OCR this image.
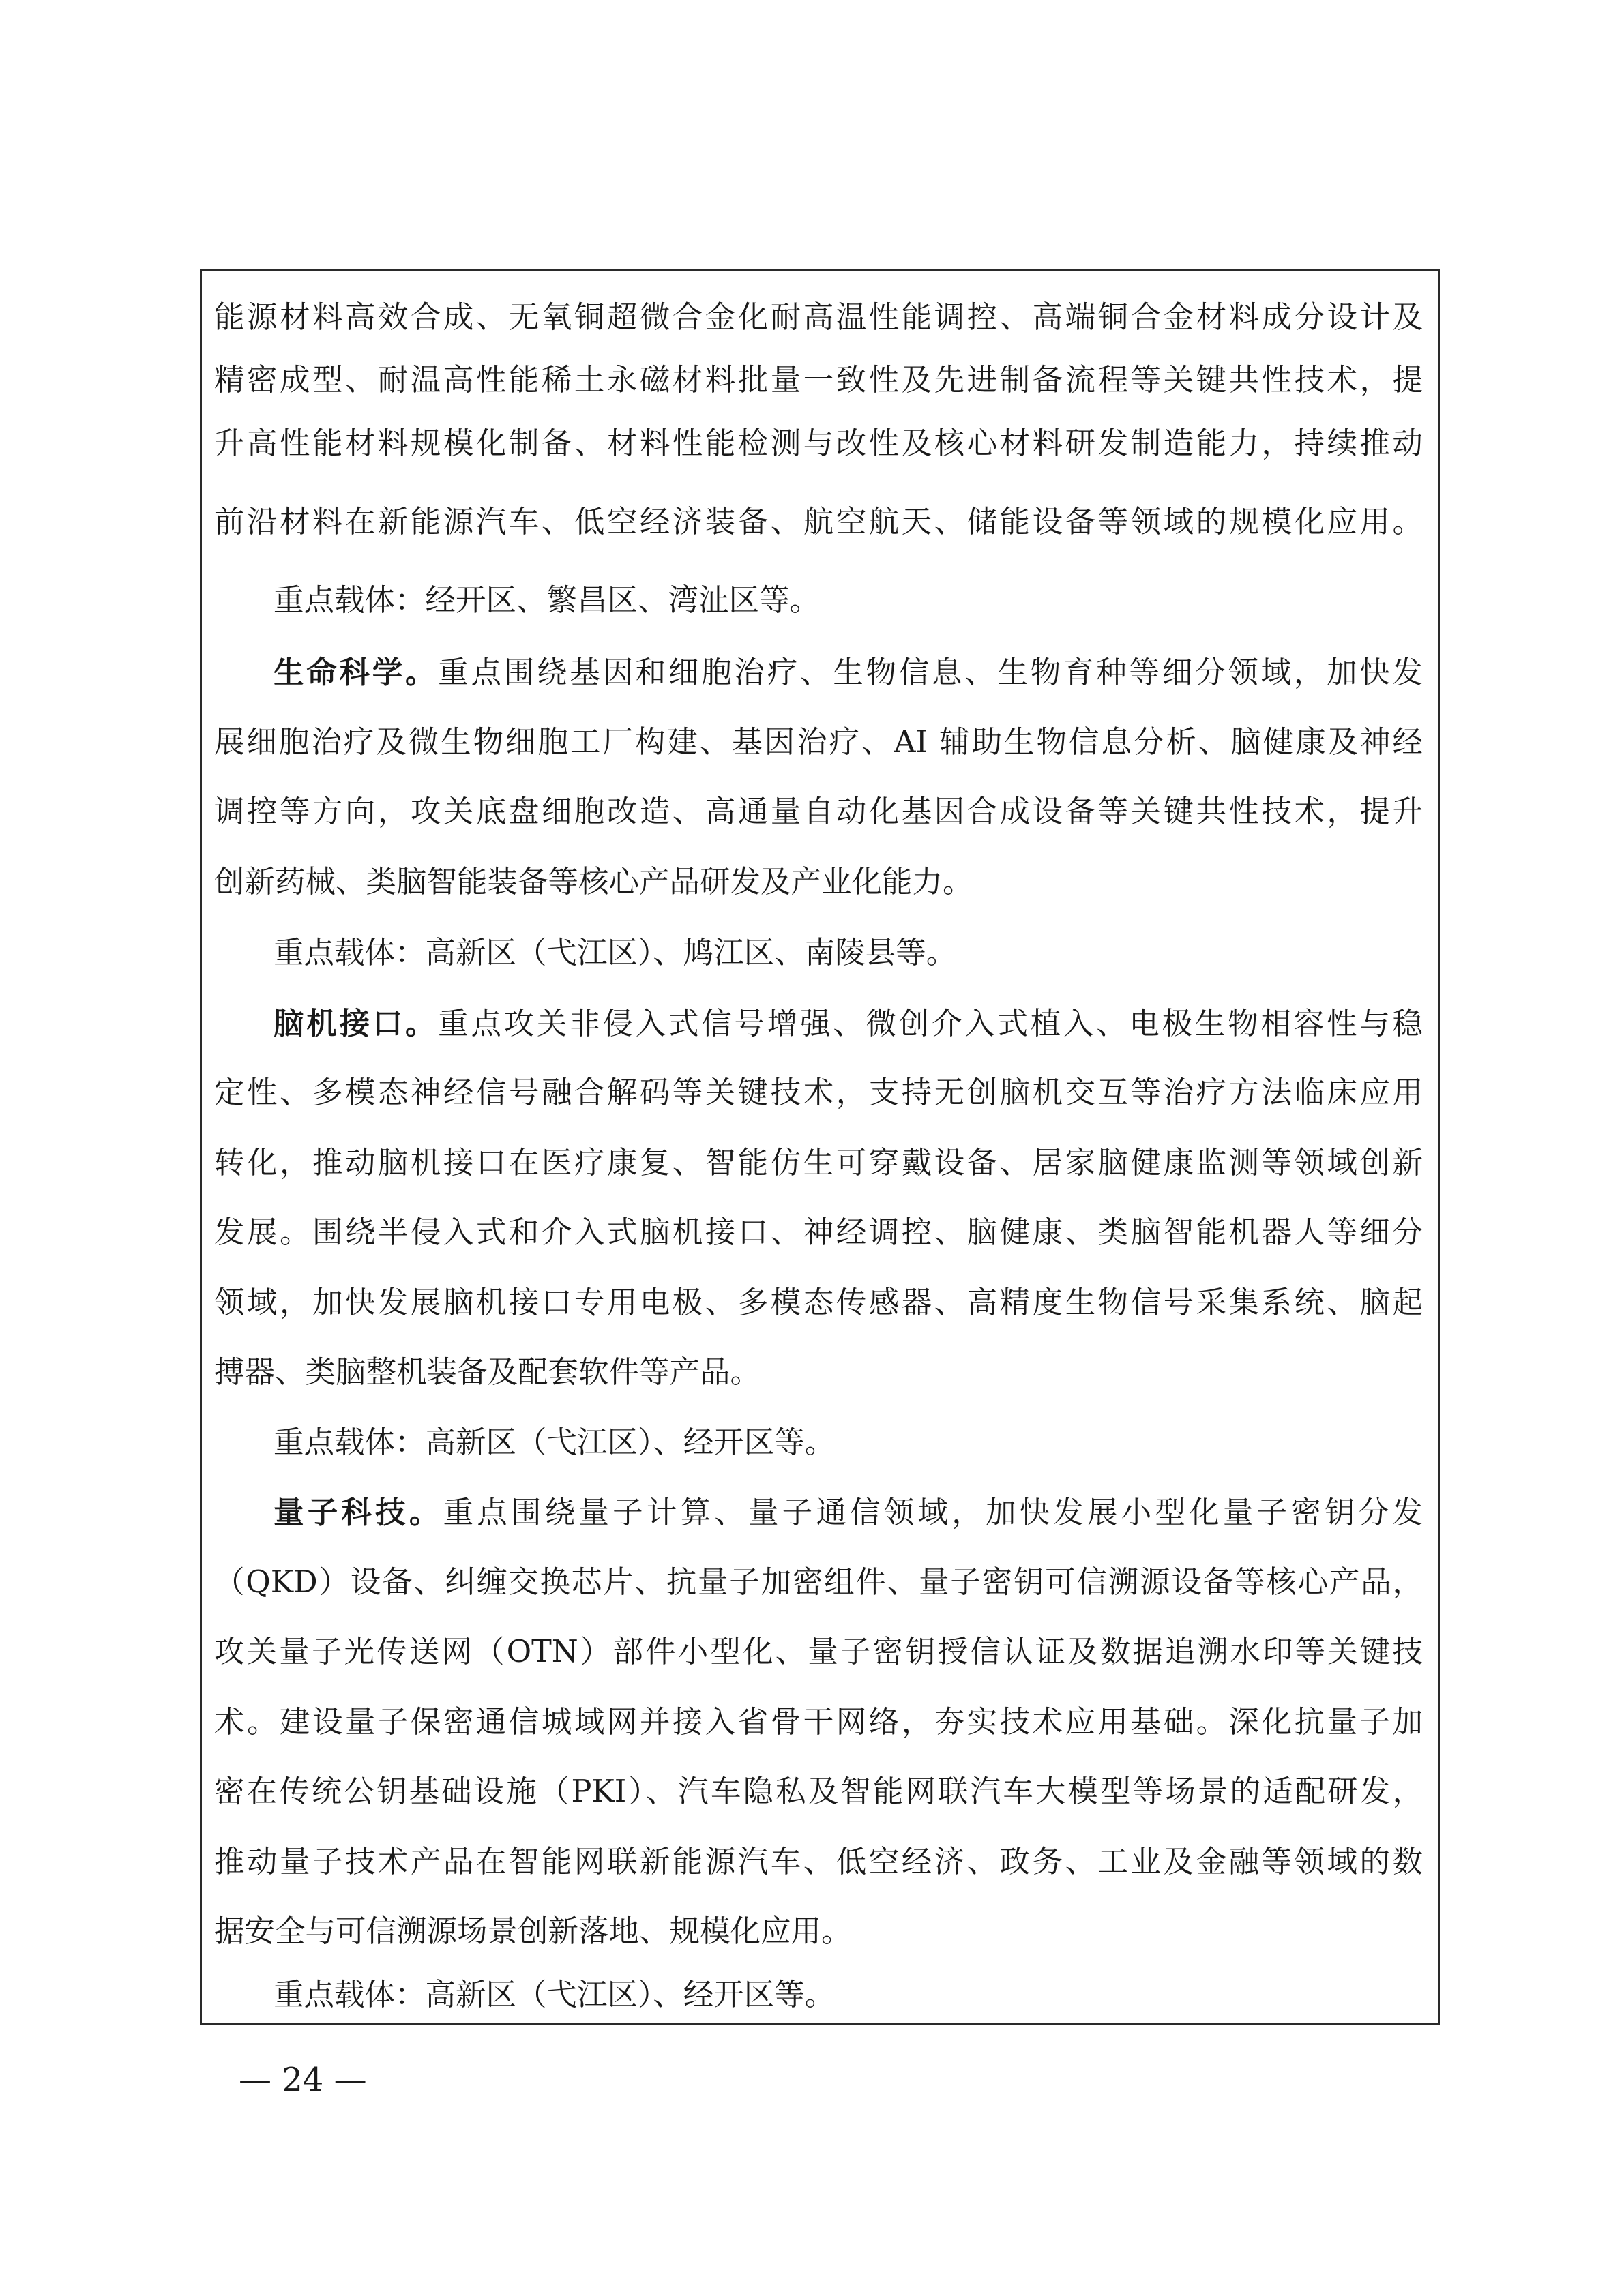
能源材料高效合成、无氧铜超微合金化耐高温性能调控、高端铜合金材料成分设计及
精密成型、耐温高性能稀土永磁材料批量一致性及先进制备流程等关键共性技术，提
升高性能材料规模化制备、材料性能检测与改性及核心材料研发制造能力，持续推动
前沿材料在新能源汽车、低空经济装备、航空航天、储能设备等领域的规模化应用。
重点载体：经开区、繁昌区、湾沚区等。
生命科学。重点围绕基因和细胞治疗、生物信息、生物育种等细分领域，加快发
展细胞治疗及微生物细胞工厂构建、基因治疗、AI 辅助生物信息分析、脑健康及神经
调控等方向，攻关底盘细胞改造、高通量自动化基因合成设备等关键共性技术，提升
创新药械、类脑智能装备等核心产品研发及产业化能力。
重点载体：高新区（弋江区）、鸠江区、南陵县等。
脑机接口。重点攻关非侵入式信号增强、微创介入式植入、电极生物相容性与稳
定性、多模态神经信号融合解码等关键技术，支持无创脑机交互等治疗方法临床应用
转化，推动脑机接口在医疗康复、智能仿生可穿戴设备、居家脑健康监测等领域创新
发展。围绕半侵入式和介入式脑机接口、神经调控、脑健康、类脑智能机器人等细分
领域，加快发展脑机接口专用电极、多模态传感器、高精度生物信号采集系统、脑起
搏器、类脑整机装备及配套软件等产品。
重点载体：高新区（弋江区）、经开区等。
量子科技。重点围绕量子计算、量子通信领域，加快发展小型化量子密钥分发
（QKD）设备、纠缠交换芯片、抗量子加密组件、量子密钥可信溯源设备等核心产品，
攻关量子光传送网（OTN）部件小型化、量子密钥授信认证及数据追溯水印等关键技
术。建设量子保密通信城域网并接入省骨干网络，夯实技术应用基础。深化抗量子加
密在传统公钥基础设施（PKI）、汽车隐私及智能网联汽车大模型等场景的适配研发，
推动量子技术产品在智能网联新能源汽车、低空经济、政务、工业及金融等领域的数
据安全与可信溯源场景创新落地、规模化应用。
重点载体：高新区（弋江区）、经开区等。
— 24 —
